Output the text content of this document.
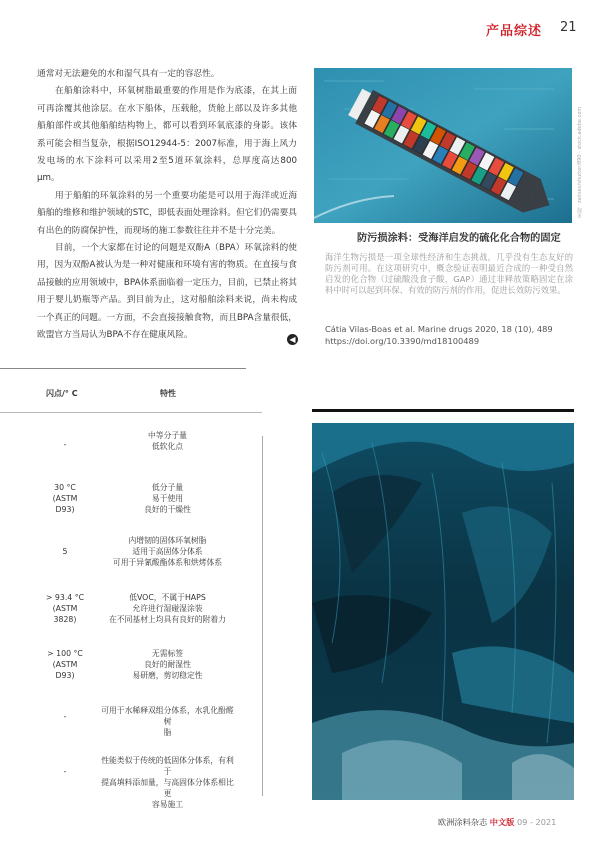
产品综述 21

通常对无法避免的水和湿气具有一定的容忍性。

在船舶涂料中，环氧树脂最重要的作用是作为底漆，在其上面可再涂覆其他涂层。在水下船体，压载舱，货舱上部以及许多其他船舶部件或其他船舶结构物上，都可以看到环氧底漆的身影。该体系可能会相当复杂，根据ISO12944-5：2007标准，用于海上风力发电场的水下涂料可以采用2至5道环氧涂料，总厚度高达800 µm。

用于船舶的环氧涂料的另一个重要功能是可以用于海洋或近海船舶的维修和维护领域的STC，即低表面处理涂料。但它们仍需要具有出色的防腐保护性，而现场的施工参数往往并不是十分完美。

目前，一个大家都在讨论的问题是双酚A（BPA）环氧涂料的使用，因为双酚A被认为是一种对健康和环境有害的物质。在直接与食品接触的应用领域中，BPA体系面临着一定压力，目前，已禁止将其用于婴儿奶瓶等产品。到目前为止，这对船舶涂料来说，尚未构成一个真正的问题。一方面，不会直接接触食物，而且BPA含量很低，欧盟官方当局认为BPA不存在健康风险。	◀
闪点/° C	特性
-
中等分子量
低软化点
30 °C
(ASTM
D93)
低分子量
易于使用
良好的干燥性
5
内增韧的固体环氧树脂
适用于高固体分体系
可用于异氰酸酯体系和烘烤体系
> 93.4 °C
(ASTM
3828)
低VOC，不属于HAPS
允许进行湿碰湿涂装
在不同基材上均具有良好的附着力
> 100 °C
(ASTM
D93)
无需标签
良好的耐湿性
易研磨，剪切稳定性
-
可用于水稀释双组分体系，水乳化酚醛树
脂
-
性能类似于传统的低固体分体系，有利于
提高填料添加量，与高固体分体系相比更
容易施工
来源：zaitsev/shutter/890 - stock.adobe.com
防污损涂料：受海洋启发的硫化化合物的固定
海洋生物污损是一项全球性经济和生态挑战，几乎没有生态友好的防污剂可用。在这项研究中，概念验证表明最近合成的一种受自然启发的化合物（过硫酸没食子酸，GAP）通过非释放策略固定在涂料中时可以起到环保、有效的防污剂的作用，促进长效防污效果。
Cátia Vilas-Boas et al. Marine drugs 2020, 18 (10), 489
https://doi.org/10.3390/md18100489
欧洲涂料杂志 中文版 09 - 2021
